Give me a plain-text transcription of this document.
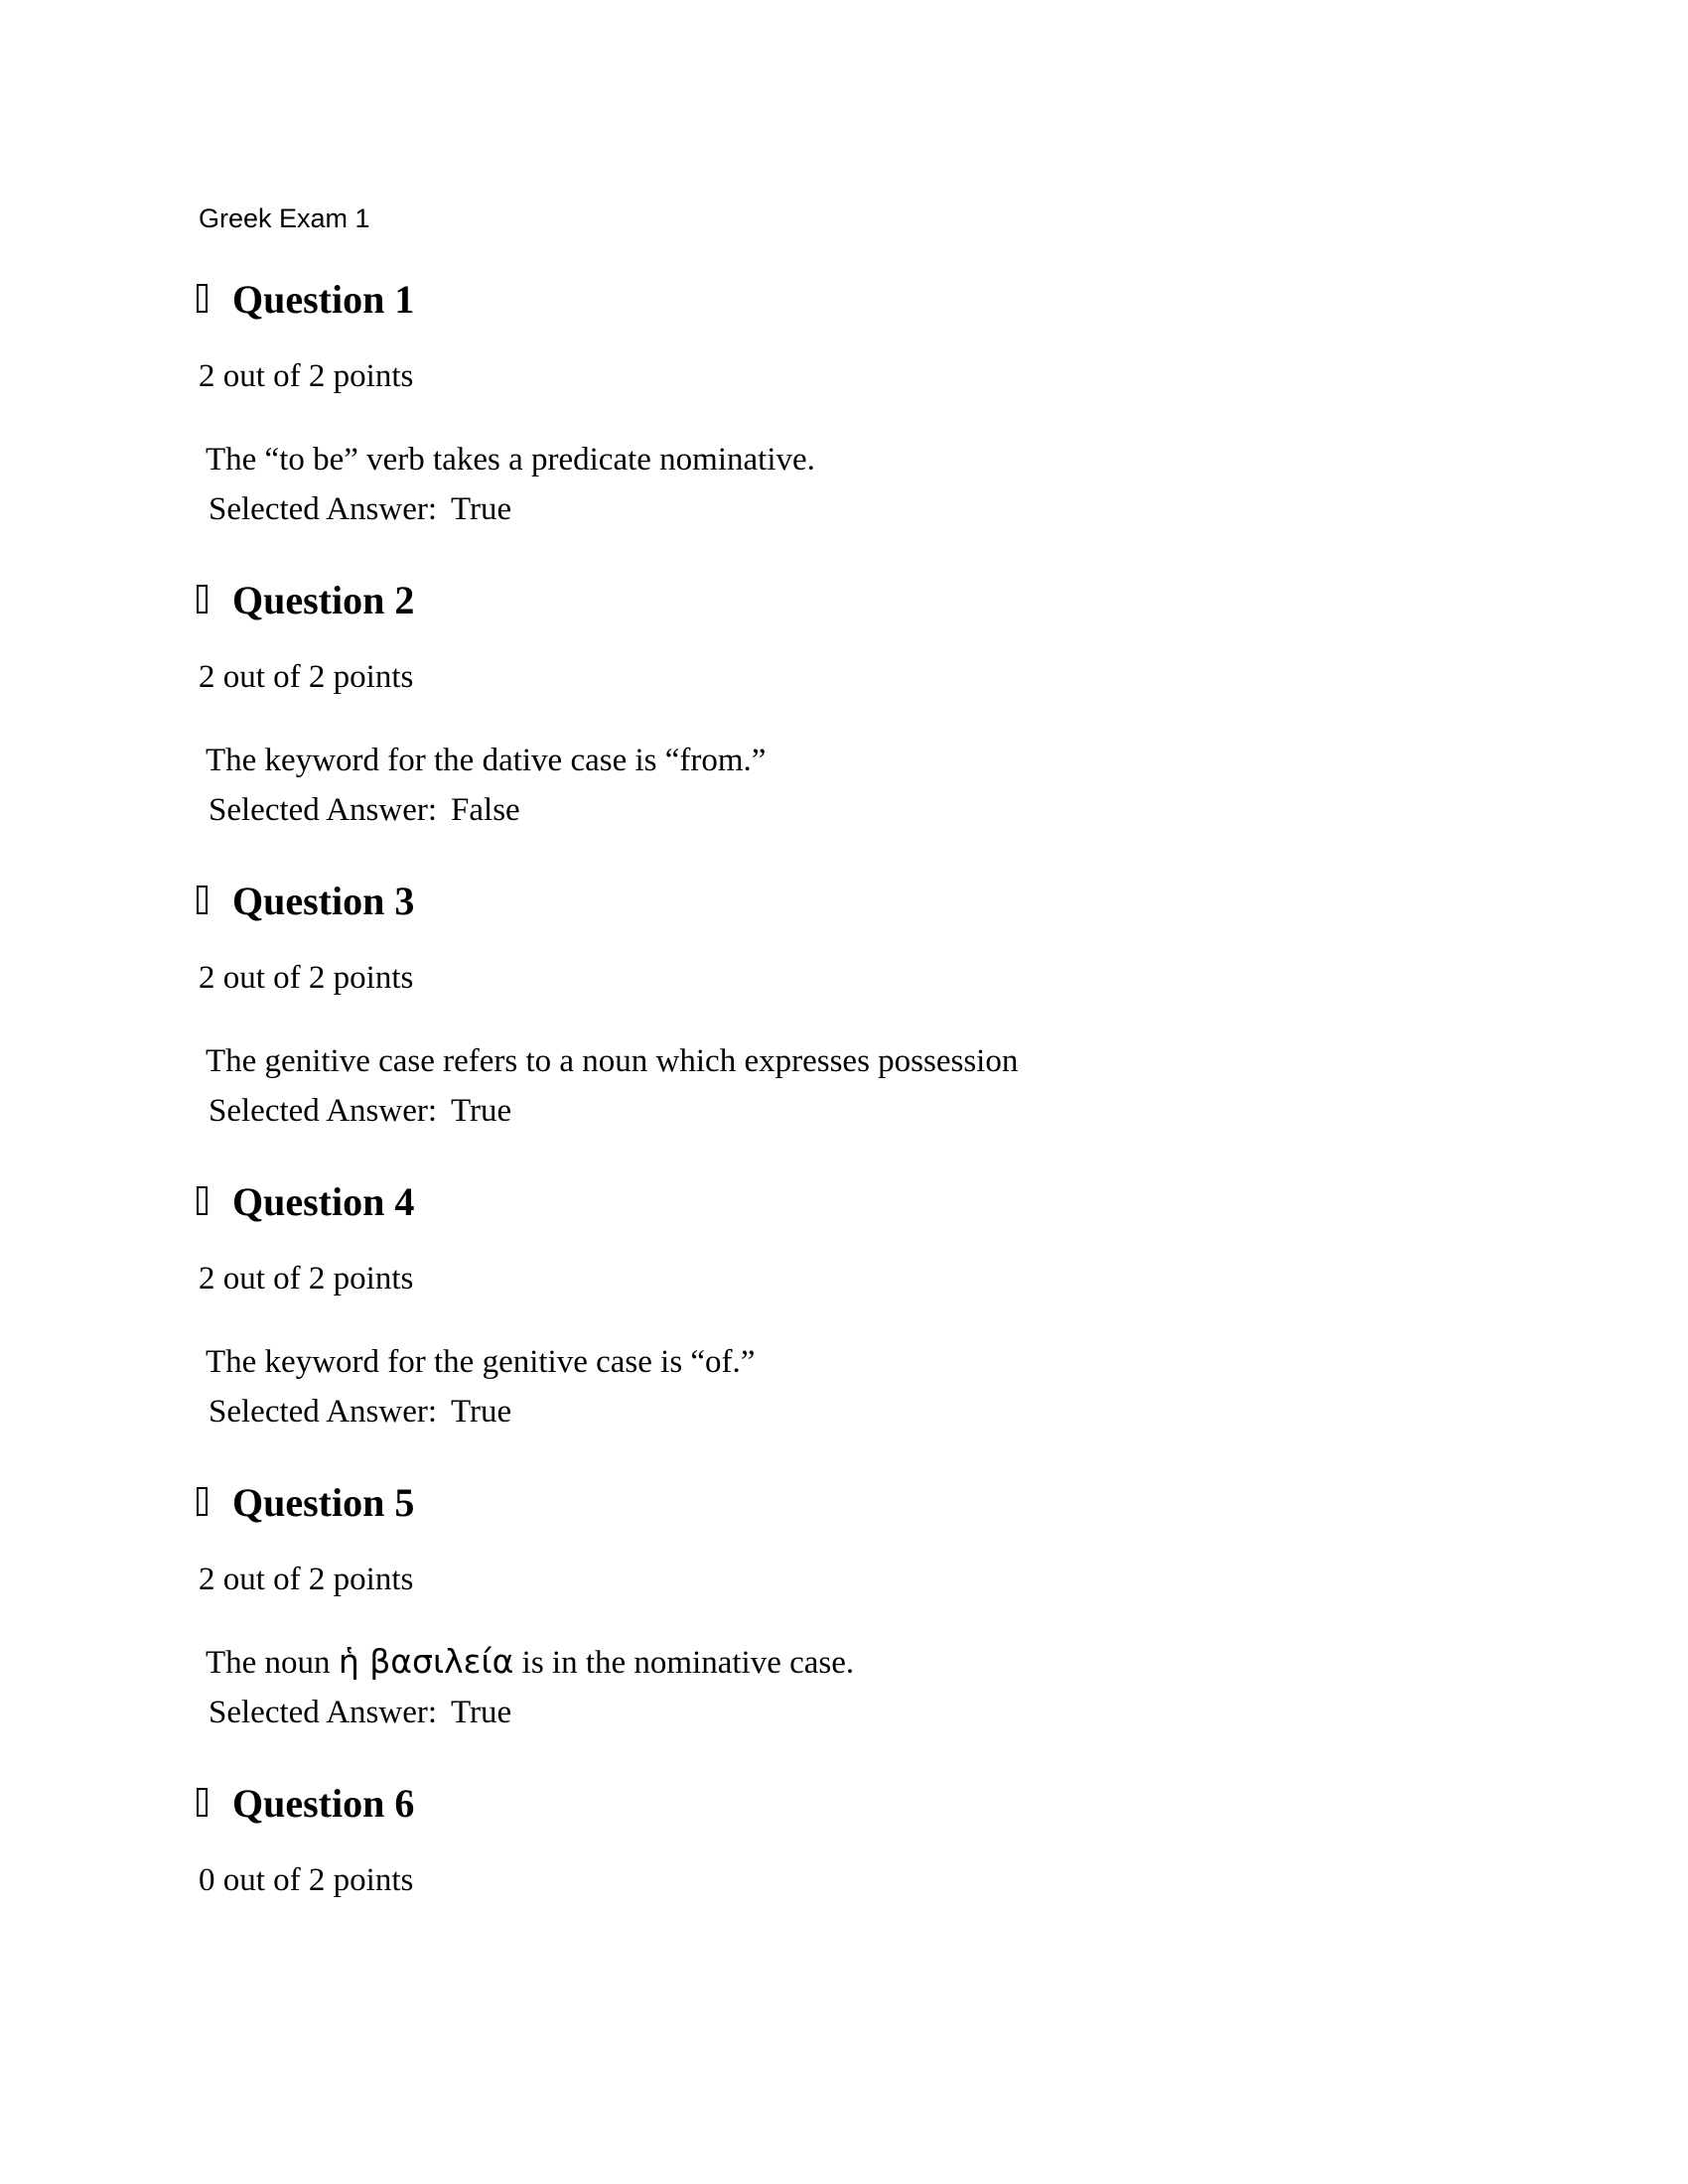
Greek Exam 1
Question 1
2 out of 2 points
The “to be” verb takes a predicate nominative.
Selected Answer: True
Question 2
2 out of 2 points
The keyword for the dative case is “from.”
Selected Answer: False
Question 3
2 out of 2 points
The genitive case refers to a noun which expresses possession
Selected Answer: True
Question 4
2 out of 2 points
The keyword for the genitive case is “of.”
Selected Answer: True
Question 5
2 out of 2 points
The noun ἡ βασιλεία is in the nominative case.
Selected Answer: True
Question 6
0 out of 2 points
